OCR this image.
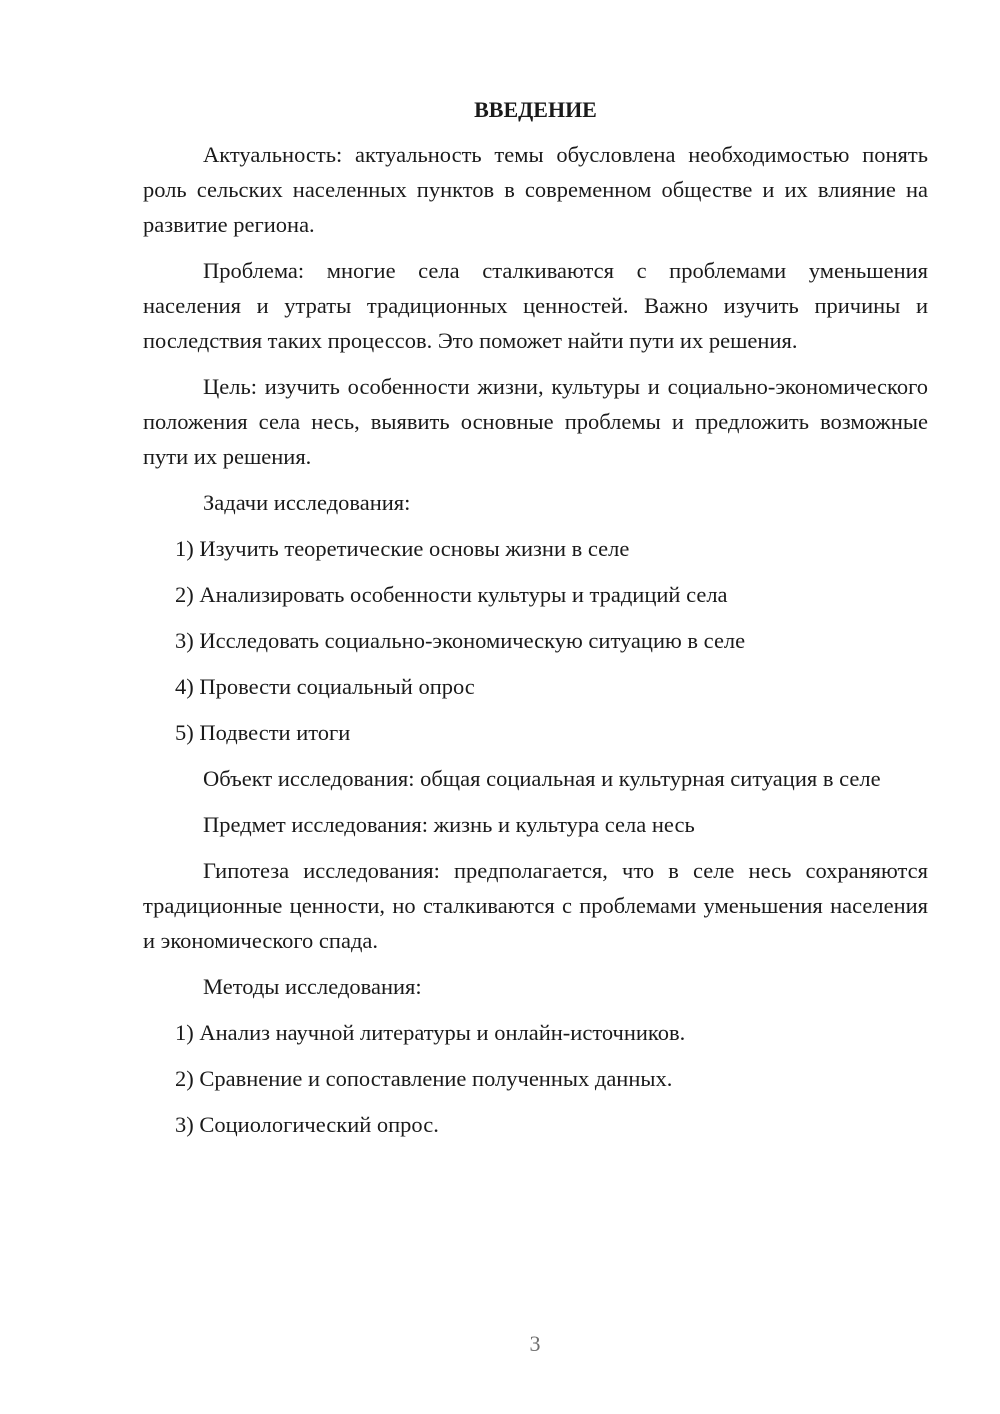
ВВЕДЕНИЕ

Актуальность: актуальность темы обусловлена необходимостью понять роль сельских населенных пунктов в современном обществе и их влияние на развитие региона.

Проблема: многие села сталкиваются с проблемами уменьшения населения и утраты традиционных ценностей. Важно изучить причины и последствия таких процессов. Это поможет найти пути их решения.

Цель: изучить особенности жизни, культуры и социально-экономического положения села несь, выявить основные проблемы и предложить возможные пути их решения.

Задачи исследования:

1) Изучить теоретические основы жизни в селе
2) Анализировать особенности культуры и традиций села
3) Исследовать социально-экономическую ситуацию в селе
4) Провести социальный опрос
5) Подвести итоги

Объект исследования: общая социальная и культурная ситуация в селе

Предмет исследования: жизнь и культура села несь

Гипотеза исследования: предполагается, что в селе несь сохраняются традиционные ценности, но сталкиваются с проблемами уменьшения населения и экономического спада.

Методы исследования:

1) Анализ научной литературы и онлайн-источников.
2) Сравнение и сопоставление полученных данных.
3) Социологический опрос.
3
